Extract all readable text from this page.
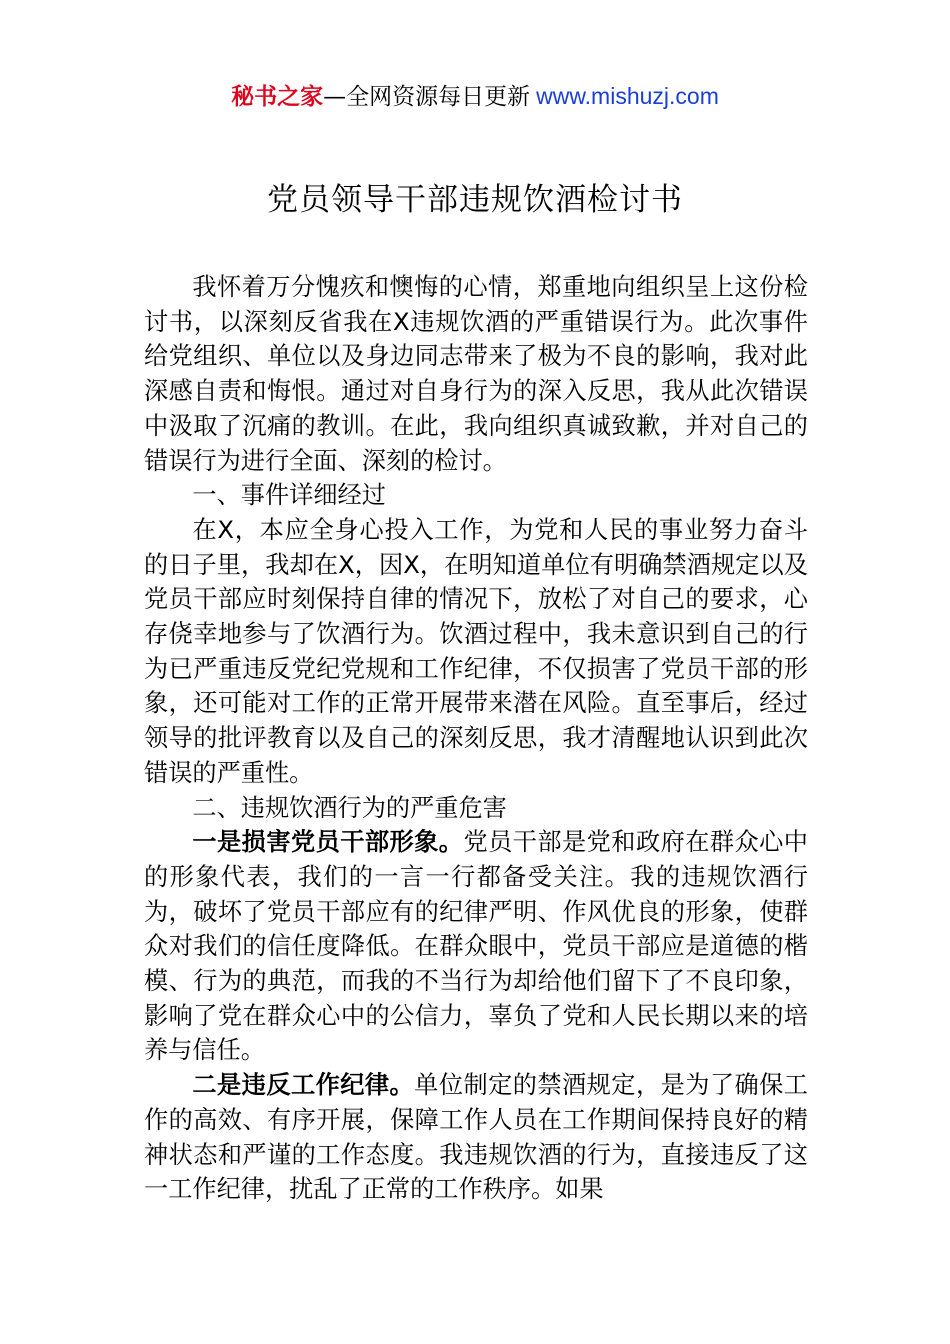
秘书之家—全网资源每日更新 www.mishuzj.com
党员领导干部违规饮酒检讨书

我怀着万分愧疚和懊悔的心情，郑重地向组织呈上这份检讨书，以深刻反省我在X违规饮酒的严重错误行为。此次事件给党组织、单位以及身边同志带来了极为不良的影响，我对此深感自责和悔恨。通过对自身行为的深入反思，我从此次错误中汲取了沉痛的教训。在此，我向组织真诚致歉，并对自己的错误行为进行全面、深刻的检讨。

一、事件详细经过

在X，本应全身心投入工作，为党和人民的事业努力奋斗的日子里，我却在X，因X，在明知道单位有明确禁酒规定以及党员干部应时刻保持自律的情况下，放松了对自己的要求，心存侥幸地参与了饮酒行为。饮酒过程中，我未意识到自己的行为已严重违反党纪党规和工作纪律，不仅损害了党员干部的形象，还可能对工作的正常开展带来潜在风险。直至事后，经过领导的批评教育以及自己的深刻反思，我才清醒地认识到此次错误的严重性。

二、违规饮酒行为的严重危害

一是损害党员干部形象。党员干部是党和政府在群众心中的形象代表，我们的一言一行都备受关注。我的违规饮酒行为，破坏了党员干部应有的纪律严明、作风优良的形象，使群众对我们的信任度降低。在群众眼中，党员干部应是道德的楷模、行为的典范，而我的不当行为却给他们留下了不良印象，影响了党在群众心中的公信力，辜负了党和人民长期以来的培养与信任。

二是违反工作纪律。单位制定的禁酒规定，是为了确保工作的高效、有序开展，保障工作人员在工作期间保持良好的精神状态和严谨的工作态度。我违规饮酒的行为，直接违反了这一工作纪律，扰乱了正常的工作秩序。如果
